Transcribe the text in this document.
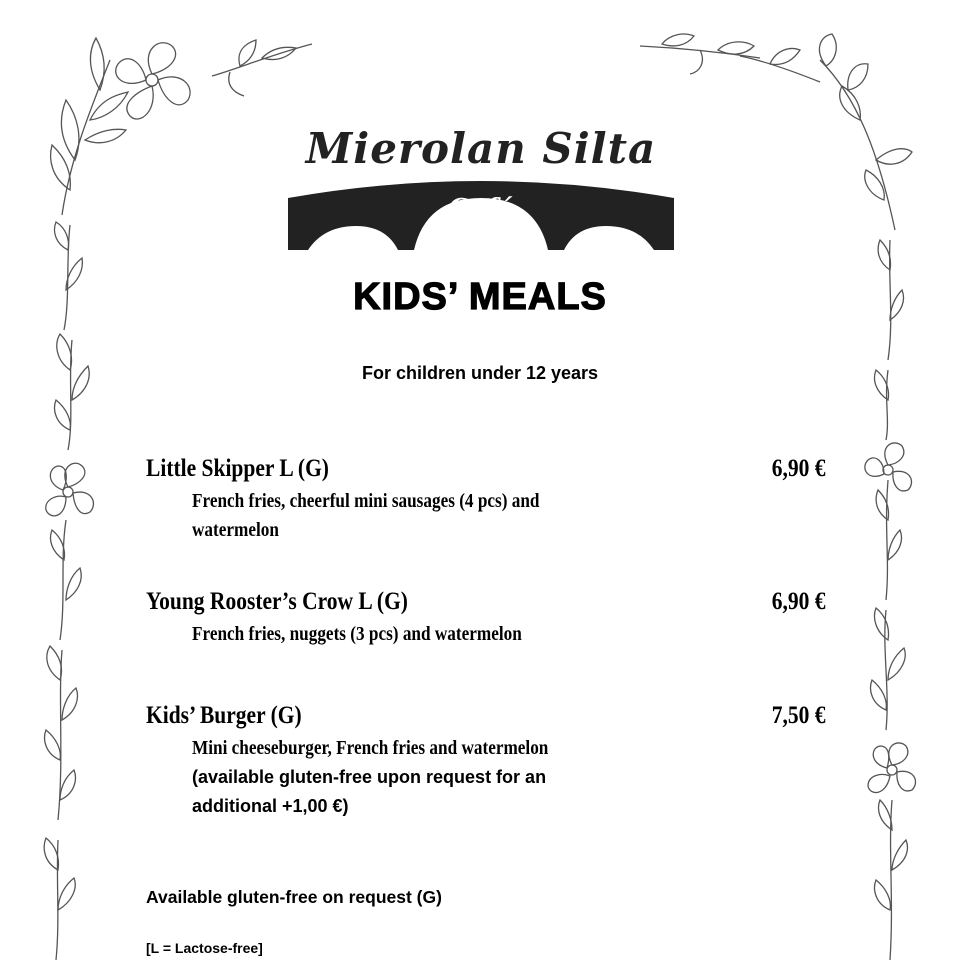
Mierolan Silta
Café
KIDS’ MEALS
For children under 12 years
Little Skipper L (G)	6,90 €
French fries, cheerful mini sausages (4 pcs) and
watermelon
Young Rooster’s Crow L (G)	6,90 €
French fries, nuggets (3 pcs) and watermelon
Kids’ Burger (G)	7,50 €
Mini cheeseburger, French fries and watermelon
(available gluten-free upon request for an
additional +1,00 €)
Available gluten-free on request (G)
[L = Lactose-free]
